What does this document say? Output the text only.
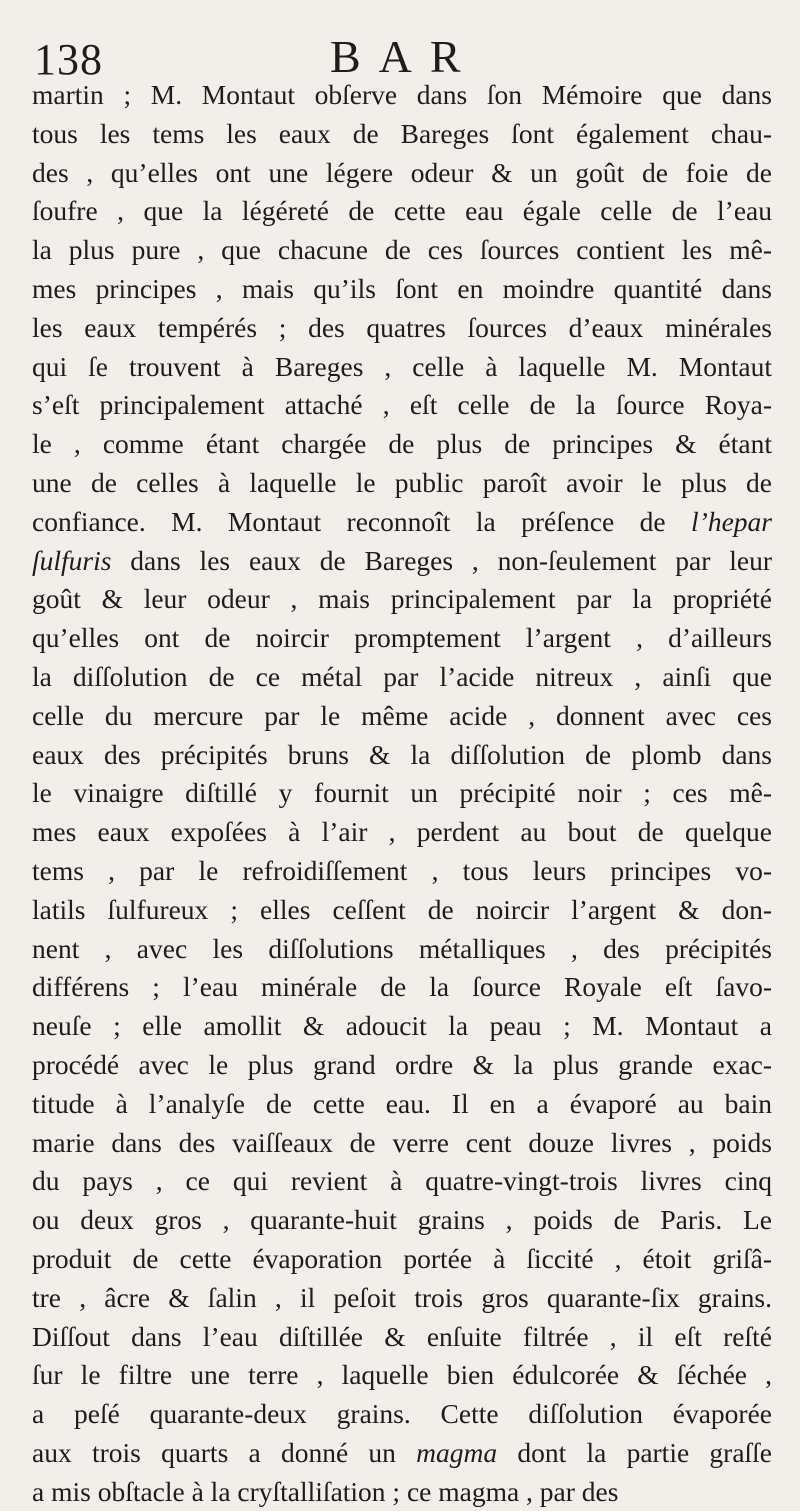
138	BAR
martin ; M. Montaut obſerve dans ſon Mémoire que dans
tous les tems les eaux de Bareges ſont également chau-
des , qu’elles ont une légere odeur & un goût de foie de
ſoufre , que la légéreté de cette eau égale celle de l’eau
la plus pure , que chacune de ces ſources contient les mê-
mes principes , mais qu’ils ſont en moindre quantité dans
les eaux tempérés ; des quatres ſources d’eaux minérales
qui ſe trouvent à Bareges , celle à laquelle M. Montaut
s’eſt principalement attaché , eſt celle de la ſource Roya-
le , comme étant chargée de plus de principes & étant
une de celles à laquelle le public paroît avoir le plus de
confiance. M. Montaut reconnoît la préſence de l’hepar
ſulfuris dans les eaux de Bareges , non-ſeulement par leur
goût & leur odeur , mais principalement par la propriété
qu’elles ont de noircir promptement l’argent , d’ailleurs
la diſſolution de ce métal par l’acide nitreux , ainſi que
celle du mercure par le même acide , donnent avec ces
eaux des précipités bruns & la diſſolution de plomb dans
le vinaigre diſtillé y fournit un précipité noir ; ces mê-
mes eaux expoſées à l’air , perdent au bout de quelque
tems , par le refroidiſſement , tous leurs principes vo-
latils ſulfureux ; elles ceſſent de noircir l’argent & don-
nent , avec les diſſolutions métalliques , des précipités
différens ; l’eau minérale de la ſource Royale eſt ſavo-
neuſe ; elle amollit & adoucit la peau ; M. Montaut a
procédé avec le plus grand ordre & la plus grande exac-
titude à l’analyſe de cette eau. Il en a évaporé au bain
marie dans des vaiſſeaux de verre cent douze livres , poids
du pays , ce qui revient à quatre-vingt-trois livres cinq
ou deux gros , quarante-huit grains , poids de Paris. Le
produit de cette évaporation portée à ſiccité , étoit griſâ-
tre , âcre & ſalin , il peſoit trois gros quarante-ſix grains.
Diſſout dans l’eau diſtillée & enſuite filtrée , il eſt reſté
ſur le filtre une terre , laquelle bien édulcorée & ſéchée ,
a peſé quarante-deux grains. Cette diſſolution évaporée
aux trois quarts a donné un magma dont la partie graſſe
a mis obſtacle à la cryſtalliſation ; ce magma , par des
